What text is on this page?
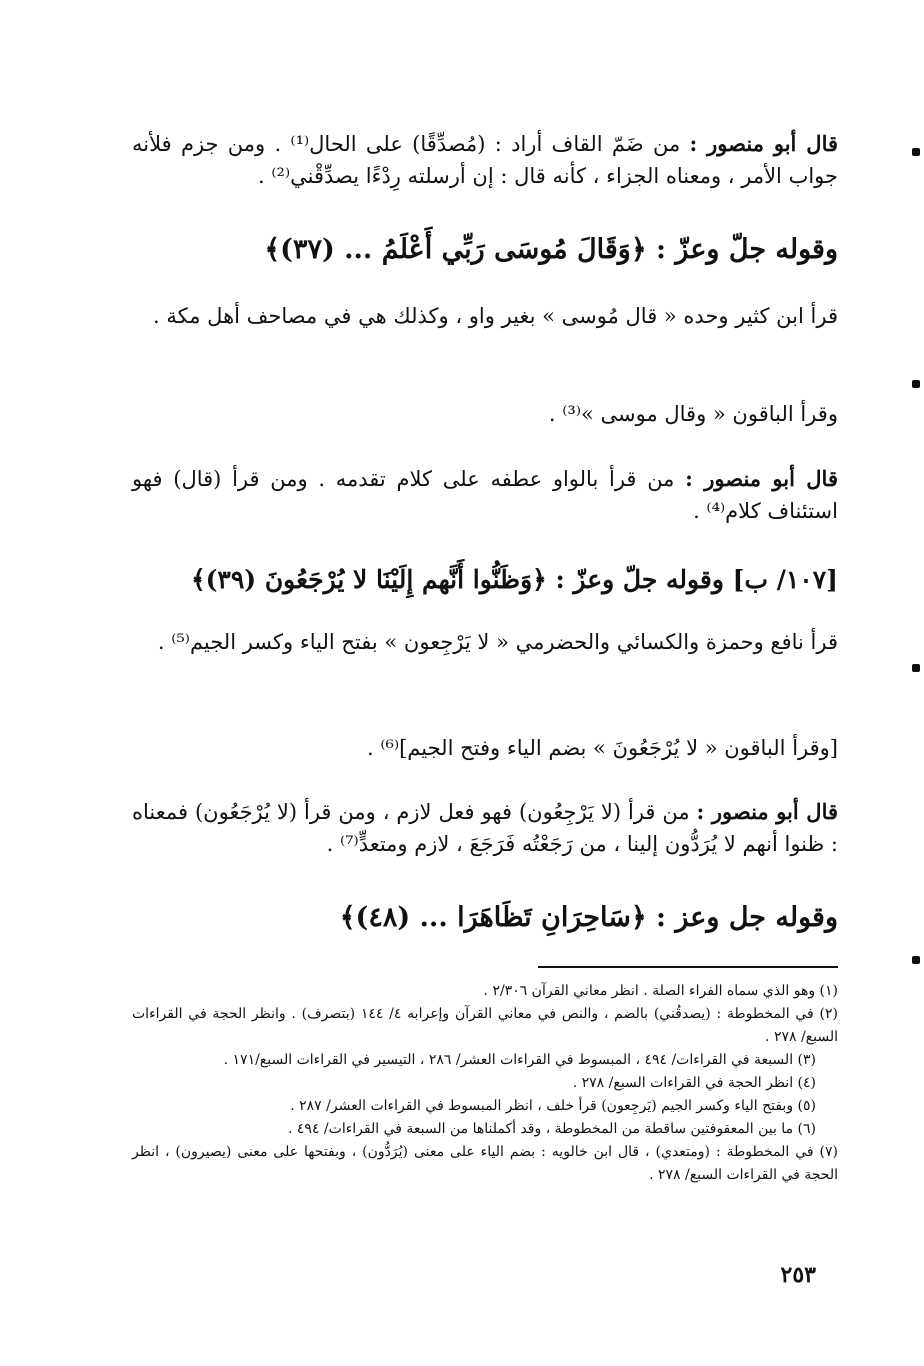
قال أبو منصور : من ضَمّ القاف أراد : (مُصدِّقًا) على الحال⁽¹⁾ . ومن جزم فلأنه جواب الأمر ، ومعناه الجزاء ، كأنه قال : إن أرسلته رِدْءًا يصدِّقْني⁽²⁾ .

وقوله جلّ وعزّ : ﴿وَقَالَ مُوسَى رَبِّي أَعْلَمُ ... (٣٧)﴾

قرأ ابن كثير وحده « قال مُوسى » بغير واو ، وكذلك هي في مصاحف أهل مكة .

وقرأ الباقون « وقال موسى »⁽³⁾ .

قال أبو منصور : من قرأ بالواو عطفه على كلام تقدمه . ومن قرأ (قال) فهو استئناف كلام⁽⁴⁾ .

[١٠٧/ ب] وقوله جلّ وعزّ : ﴿وَظَنُّوا أَنَّهم إِلَيْنَا لا يُرْجَعُونَ (٣٩)﴾

قرأ نافع وحمزة والكسائي والحضرمي « لا يَرْجِعون » بفتح الياء وكسر الجيم⁽⁵⁾ .

[وقرأ الباقون « لا يُرْجَعُونَ » بضم الياء وفتح الجيم]⁽⁶⁾ .

قال أبو منصور : من قرأ (لا يَرْجِعُون) فهو فعل لازم ، ومن قرأ (لا يُرْجَعُون) فمعناه : ظنوا أنهم لا يُرَدُّون إلينا ، من رَجَعْتُه فَرَجَعَ ، لازم ومتعدٍّ⁽⁷⁾ .

وقوله جل وعز : ﴿سَاحِرَانِ تَظَاهَرَا ... (٤٨)﴾

(١) وهو الذي سماه الفراء الصلة . انظر معاني القرآن ٢/٣٠٦ .

(٢) في المخطوطة : (يصدقُني) بالضم ، والنص في معاني القرآن وإعرابه ٤/ ١٤٤ (بتصرف) . وانظر الحجة في القراءات السبع/ ٢٧٨ .

(٣) السبعة في القراءات/ ٤٩٤ ، المبسوط في القراءات العشر/ ٢٨٦ ، التيسير في القراءات السبع/١٧١ .

(٤) انظر الحجة في القراءات السبع/ ٢٧٨ .

(٥) وبفتح الياء وكسر الجيم (يَرجِعون) قرأ خلف ، انظر المبسوط في القراءات العشر/ ٢٨٧ .

(٦) ما بين المعقوفتين ساقطة من المخطوطة ، وقد أكملناها من السبعة في القراءات/ ٤٩٤ .

(٧) في المخطوطة : (ومتعدي) ، قال ابن خالويه : بضم الياء على معنى (يُرَدُّون) ، وبفتحها على معنى (يصيرون) ، انظر الحجة في القراءات السبع/ ٢٧٨ .

٢٥٣
